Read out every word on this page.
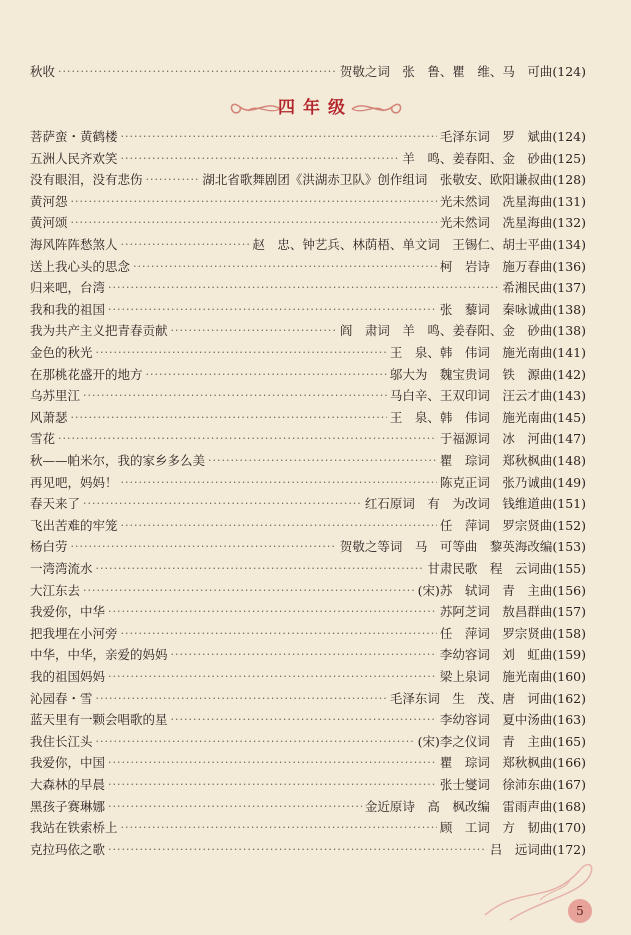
秋收 ·····	贺敬之词　张　鲁、瞿　维、马　可曲(124)
四年级
菩萨蛮・黄鹤楼 ·····	毛泽东词　罗　斌曲(124)
五洲人民齐欢笑 ·····	羊　鸣、姜春阳、金　砂曲(125)
没有眼泪，没有悲伤 ·····	湖北省歌舞剧团《洪湖赤卫队》创作组词　张敬安、欧阳谦叔曲(128)
黄河怨 ·····	光未然词　冼星海曲(131)
黄河颂 ·····	光未然词　冼星海曲(132)
海风阵阵愁煞人 ·····	赵　忠、钟艺兵、林荫梧、单文词　王锡仁、胡士平曲(134)
送上我心头的思念 ·····	柯　岩诗　施万春曲(136)
归来吧，台湾 ·····	希湘民曲(137)
我和我的祖国 ·····	张　藜词　秦咏诚曲(138)
我为共产主义把青春贡献 ·····	阎　肃词　羊　鸣、姜春阳、金　砂曲(138)
金色的秋光 ·····	王　泉、韩　伟词　施光南曲(141)
在那桃花盛开的地方 ·····	邬大为　魏宝贵词　铁　源曲(142)
乌苏里江 ·····	马白辛、王双印词　汪云才曲(143)
风萧瑟 ·····	王　泉、韩　伟词　施光南曲(145)
雪花 ·····	于福源词　冰　河曲(147)
秋——帕米尔，我的家乡多么美 ·····	瞿　琮词　郑秋枫曲(148)
再见吧，妈妈！ ·····	陈克正词　张乃诚曲(149)
春天来了 ·····	红石原词　有　为改词　钱维道曲(151)
飞出苦难的牢笼 ·····	任　萍词　罗宗贤曲(152)
杨白劳 ·····	贺敬之等词　马　可等曲　黎英海改编(153)
一湾湾流水 ·····	甘肃民歌　程　云词曲(155)
大江东去 ·····	(宋)苏　轼词　青　主曲(156)
我爱你，中华 ·····	苏阿芝词　敖昌群曲(157)
把我埋在小河旁 ·····	任　萍词　罗宗贤曲(158)
中华，中华，亲爱的妈妈 ·····	李幼容词　刘　虹曲(159)
我的祖国妈妈 ·····	梁上泉词　施光南曲(160)
沁园春・雪 ·····	毛泽东词　生　茂、唐　诃曲(162)
蓝天里有一颗会唱歌的星 ·····	李幼容词　夏中汤曲(163)
我住长江头 ·····	(宋)李之仪词　青　主曲(165)
我爱你，中国 ·····	瞿　琮词　郑秋枫曲(166)
大森林的早晨 ·····	张士燮词　徐沛东曲(167)
黑孩子赛琳娜 ·····	金近原诗　高　枫改编　雷雨声曲(168)
我站在铁索桥上 ·····	顾　工词　方　韧曲(170)
克拉玛依之歌 ·····	吕　远词曲(172)
5
